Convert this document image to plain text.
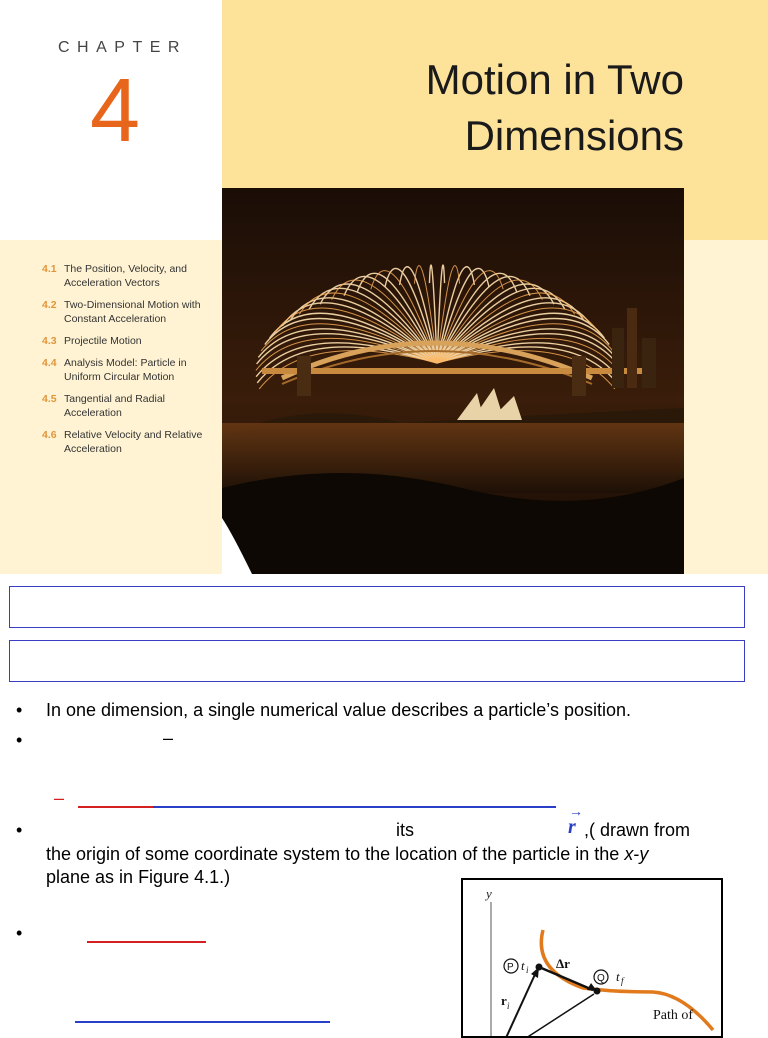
CHAPTER
4	Motion in Two
Dimensions
4.1 The Position, Velocity, and Acceleration Vectors
4.2 Two-Dimensional Motion with Constant Acceleration
4.3 Projectile Motion
4.4 Analysis Model: Particle in Uniform Circular Motion
4.5 Tangential and Radial Acceleration
4.6 Relative Velocity and Relative Acceleration
• In one dimension, a single numerical value describes a particle’s position.
•	–
–
•	its
→
r ,( drawn from
the origin of some coordinate system to the location of the particle in the x-y
plane as in Figure 4.1.)
•
y
P t i Δr
Q t f
r i
Path of
